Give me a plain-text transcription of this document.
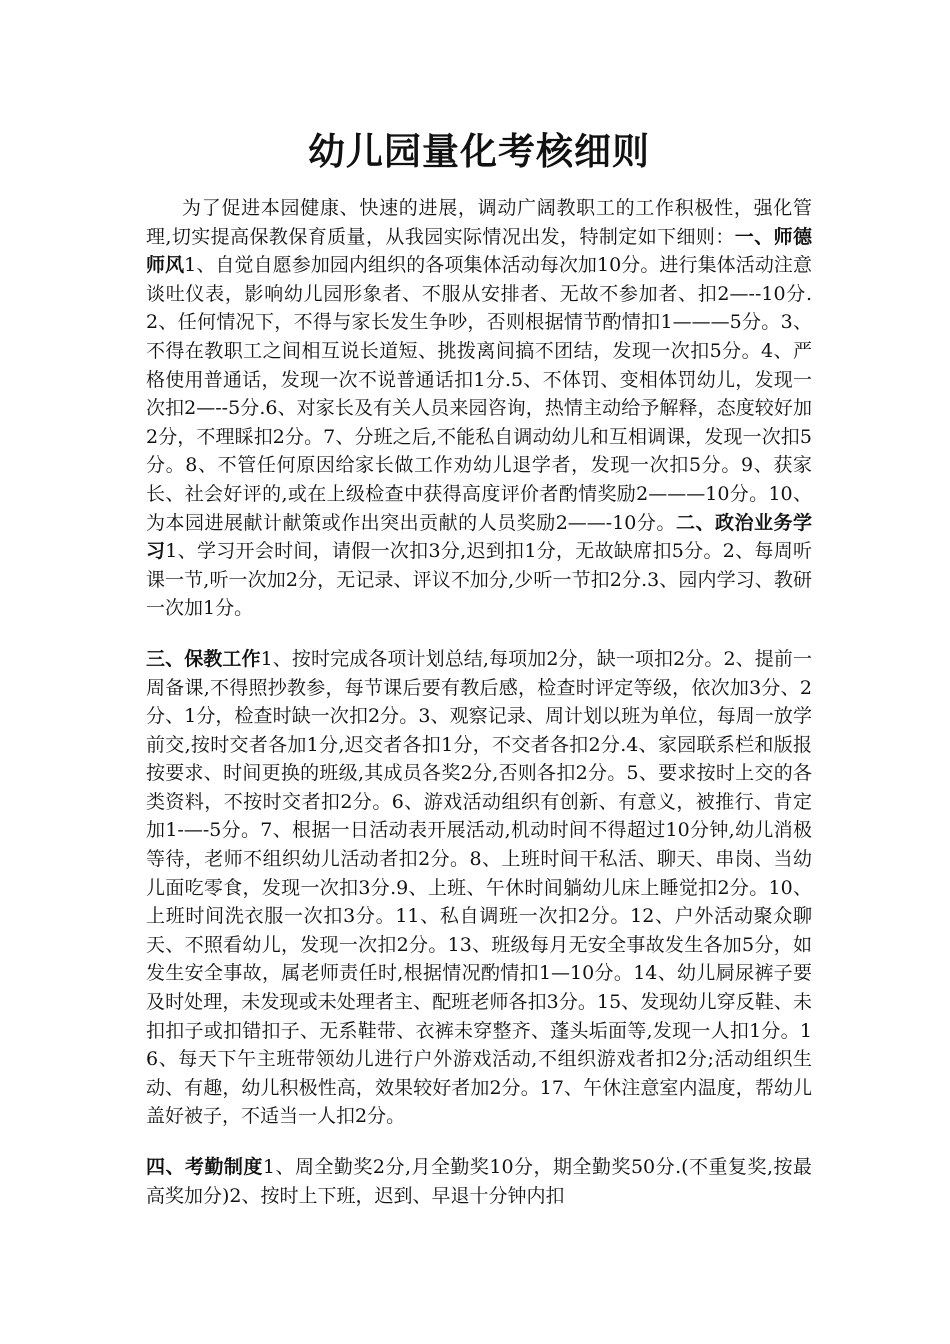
幼儿园量化考核细则

为了促进本园健康、快速的进展，调动广阔教职工的工作积极性，强化管理,切实提高保教保育质量，从我园实际情况出发，特制定如下细则：一、师德师风1、自觉自愿参加园内组织的各项集体活动每次加10分。进行集体活动注意谈吐仪表，影响幼儿园形象者、不服从安排者、无故不参加者、扣2—--10分.2、任何情况下，不得与家长发生争吵，否则根据情节酌情扣1———5分。3、不得在教职工之间相互说长道短、挑拨离间搞不团结，发现一次扣5分。4、严格使用普通话，发现一次不说普通话扣1分.5、不体罚、变相体罚幼儿，发现一次扣2—--5分.6、对家长及有关人员来园咨询，热情主动给予解释，态度较好加2分，不理睬扣2分。7、分班之后,不能私自调动幼儿和互相调课，发现一次扣5分。8、不管任何原因给家长做工作劝幼儿退学者，发现一次扣5分。9、获家长、社会好评的,或在上级检查中获得高度评价者酌情奖励2———10分。10、为本园进展献计献策或作出突出贡献的人员奖励2——-10分。二、政治业务学习1、学习开会时间，请假一次扣3分,迟到扣1分，无故缺席扣5分。2、每周听课一节,听一次加2分，无记录、评议不加分,少听一节扣2分.3、园内学习、教研一次加1分。

三、保教工作1、按时完成各项计划总结,每项加2分，缺一项扣2分。2、提前一周备课,不得照抄教参，每节课后要有教后感，检查时评定等级，依次加3分、2分、1分，检查时缺一次扣2分。3、观察记录、周计划以班为单位，每周一放学前交,按时交者各加1分,迟交者各扣1分，不交者各扣2分.4、家园联系栏和版报按要求、时间更换的班级,其成员各奖2分,否则各扣2分。5、要求按时上交的各类资料，不按时交者扣2分。6、游戏活动组织有创新、有意义，被推行、肯定加1-—-5分。7、根据一日活动表开展活动,机动时间不得超过10分钟,幼儿消极等待，老师不组织幼儿活动者扣2分。8、上班时间干私活、聊天、串岗、当幼儿面吃零食，发现一次扣3分.9、上班、午休时间躺幼儿床上睡觉扣2分。10、上班时间洗衣服一次扣3分。11、私自调班一次扣2分。12、户外活动聚众聊天、不照看幼儿，发现一次扣2分。13、班级每月无安全事故发生各加5分，如发生安全事故，属老师责任时,根据情况酌情扣1—10分。14、幼儿屙尿裤子要及时处理，未发现或未处理者主、配班老师各扣3分。15、发现幼儿穿反鞋、未扣扣子或扣错扣子、无系鞋带、衣裤未穿整齐、蓬头垢面等,发现一人扣1分。16、每天下午主班带领幼儿进行户外游戏活动,不组织游戏者扣2分;活动组织生动、有趣，幼儿积极性高，效果较好者加2分。17、午休注意室内温度，帮幼儿盖好被子，不适当一人扣2分。

四、考勤制度1、周全勤奖2分,月全勤奖10分，期全勤奖50分.(不重复奖,按最高奖加分)2、按时上下班，迟到、早退十分钟内扣
